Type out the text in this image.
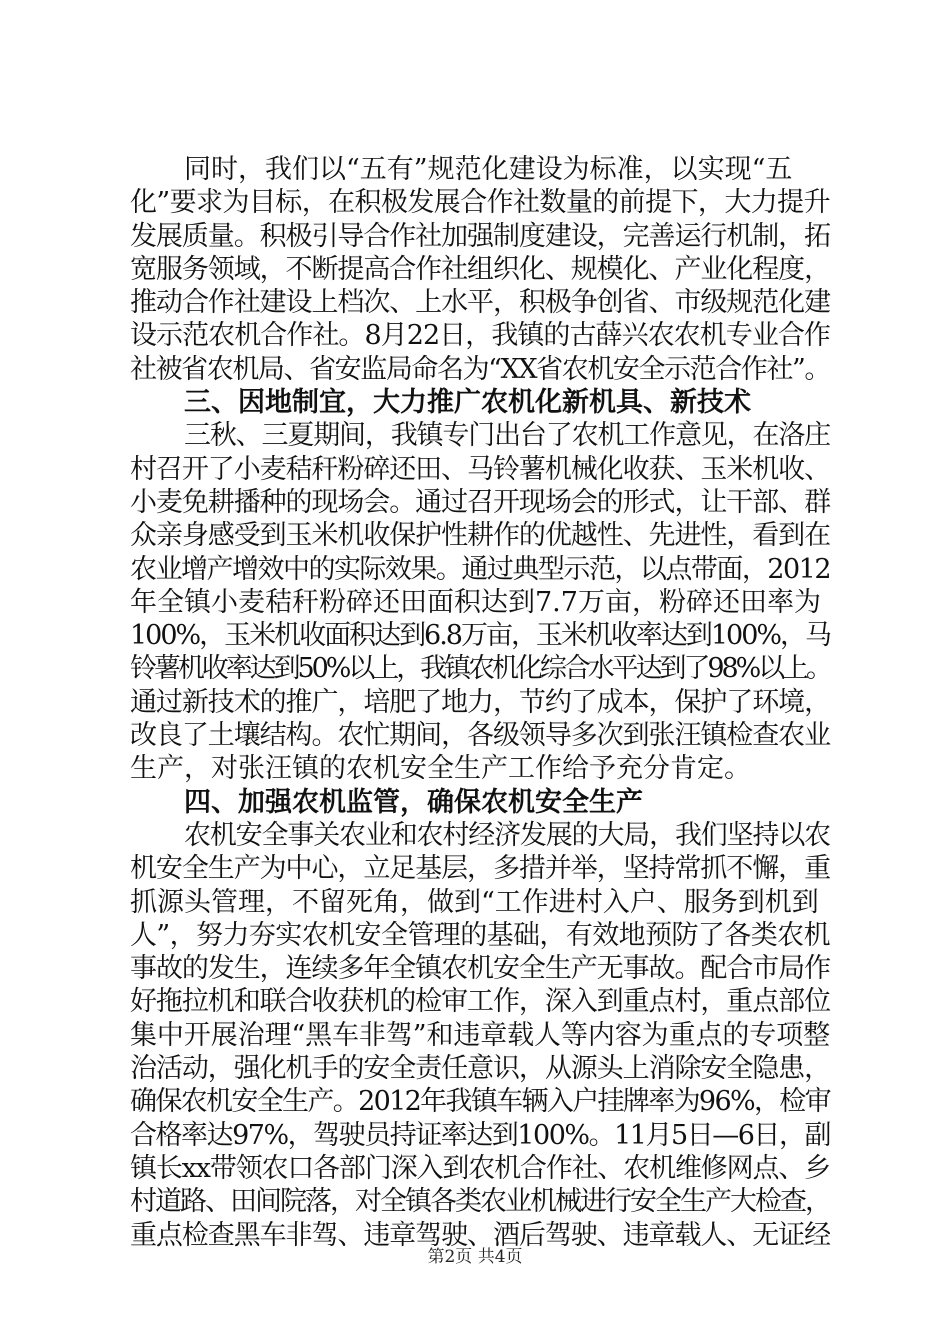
同时，我们以“五有”规范化建设为标准，以实现“五
化”要求为目标，在积极发展合作社数量的前提下，大力提升
发展质量。积极引导合作社加强制度建设，完善运行机制，拓
宽服务领域，不断提高合作社组织化、规模化、产业化程度，
推动合作社建设上档次、上水平，积极争创省、市级规范化建
设示范农机合作社。8月22日，我镇的古薛兴农农机专业合作
社被省农机局、省安监局命名为“XX省农机安全示范合作社”。
三、因地制宜，大力推广农机化新机具、新技术
三秋、三夏期间，我镇专门出台了农机工作意见，在洛庄
村召开了小麦秸秆粉碎还田、马铃薯机械化收获、玉米机收、
小麦免耕播种的现场会。通过召开现场会的形式，让干部、群
众亲身感受到玉米机收保护性耕作的优越性、先进性，看到在
农业增产增效中的实际效果。通过典型示范，以点带面，2012
年全镇小麦秸秆粉碎还田面积达到7.7万亩，粉碎还田率为
100%，玉米机收面积达到6.8万亩，玉米机收率达到100%，马
铃薯机收率达到50%以上，我镇农机化综合水平达到了98%以上。
通过新技术的推广，培肥了地力，节约了成本，保护了环境，
改良了土壤结构。农忙期间，各级领导多次到张汪镇检查农业
生产，对张汪镇的农机安全生产工作给予充分肯定。
四、加强农机监管，确保农机安全生产
农机安全事关农业和农村经济发展的大局，我们坚持以农
机安全生产为中心，立足基层，多措并举，坚持常抓不懈，重
抓源头管理，不留死角，做到“工作进村入户、服务到机到
人”，努力夯实农机安全管理的基础，有效地预防了各类农机
事故的发生，连续多年全镇农机安全生产无事故。配合市局作
好拖拉机和联合收获机的检审工作，深入到重点村，重点部位
集中开展治理“黑车非驾”和违章载人等内容为重点的专项整
治活动，强化机手的安全责任意识，从源头上消除安全隐患，
确保农机安全生产。2012年我镇车辆入户挂牌率为96%，检审
合格率达97%，驾驶员持证率达到100%。11月5日—6日，副
镇长xx带领农口各部门深入到农机合作社、农机维修网点、乡
村道路、田间院落，对全镇各类农业机械进行安全生产大检查，
重点检查黑车非驾、违章驾驶、酒后驾驶、违章载人、无证经
第2页 共4页
